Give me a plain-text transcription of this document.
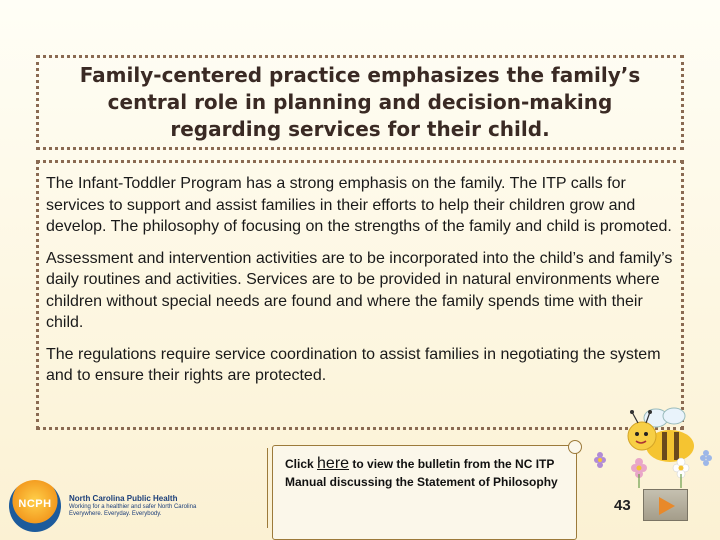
Family-centered practice emphasizes the family’s central role in planning and decision-making regarding services for their child.

The Infant-Toddler Program has a strong emphasis on the family. The ITP calls for services to support and assist families in their efforts to help their children grow and develop. The philosophy of focusing on the strengths of the family and child is promoted.

Assessment and intervention activities are to be incorporated into the child’s and family’s daily routines and activities. Services are to be provided in natural environments where children without special needs are found and where the family spends time with their child.

The regulations require service coordination to assist families in negotiating the system and to ensure their rights are protected.

Click here to view the bulletin from the NC ITP Manual discussing the Statement of Philosophy
NCPH	North Carolina Public Health
Working for a healthier and safer North Carolina Everywhere. Everyday. Everybody.	43
